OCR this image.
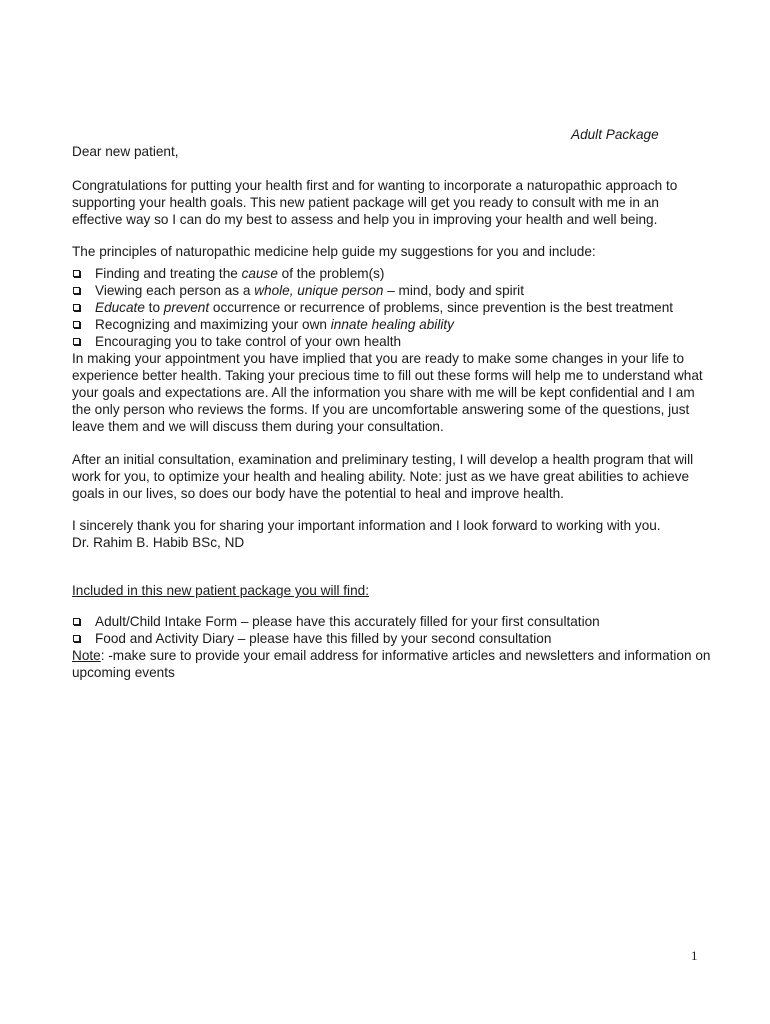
Adult Package

Dear new patient,

Congratulations for putting your health first and for wanting to incorporate a naturopathic approach to supporting your health goals. This new patient package will get you ready to consult with me in an effective way so I can do my best to assess and help you in improving your health and well being.

The principles of naturopathic medicine help guide my suggestions for you and include:

Finding and treating the cause of the problem(s)
Viewing each person as a whole, unique person – mind, body and spirit
Educate to prevent occurrence or recurrence of problems, since prevention is the best treatment
Recognizing and maximizing your own innate healing ability
Encouraging you to take control of your own health

In making your appointment you have implied that you are ready to make some changes in your life to experience better health. Taking your precious time to fill out these forms will help me to understand what your goals and expectations are. All the information you share with me will be kept confidential and I am the only person who reviews the forms. If you are uncomfortable answering some of the questions, just leave them and we will discuss them during your consultation.

After an initial consultation, examination and preliminary testing, I will develop a health program that will work for you, to optimize your health and healing ability. Note: just as we have great abilities to achieve goals in our lives, so does our body have the potential to heal and improve health.

I sincerely thank you for sharing your important information and I look forward to working with you.

Dr. Rahim B. Habib BSc, ND

Included in this new patient package you will find:

Adult/Child Intake Form – please have this accurately filled for your first consultation
Food and Activity Diary – please have this filled by your second consultation

Note: -make sure to provide your email address for informative articles and newsletters and information on upcoming events

1
